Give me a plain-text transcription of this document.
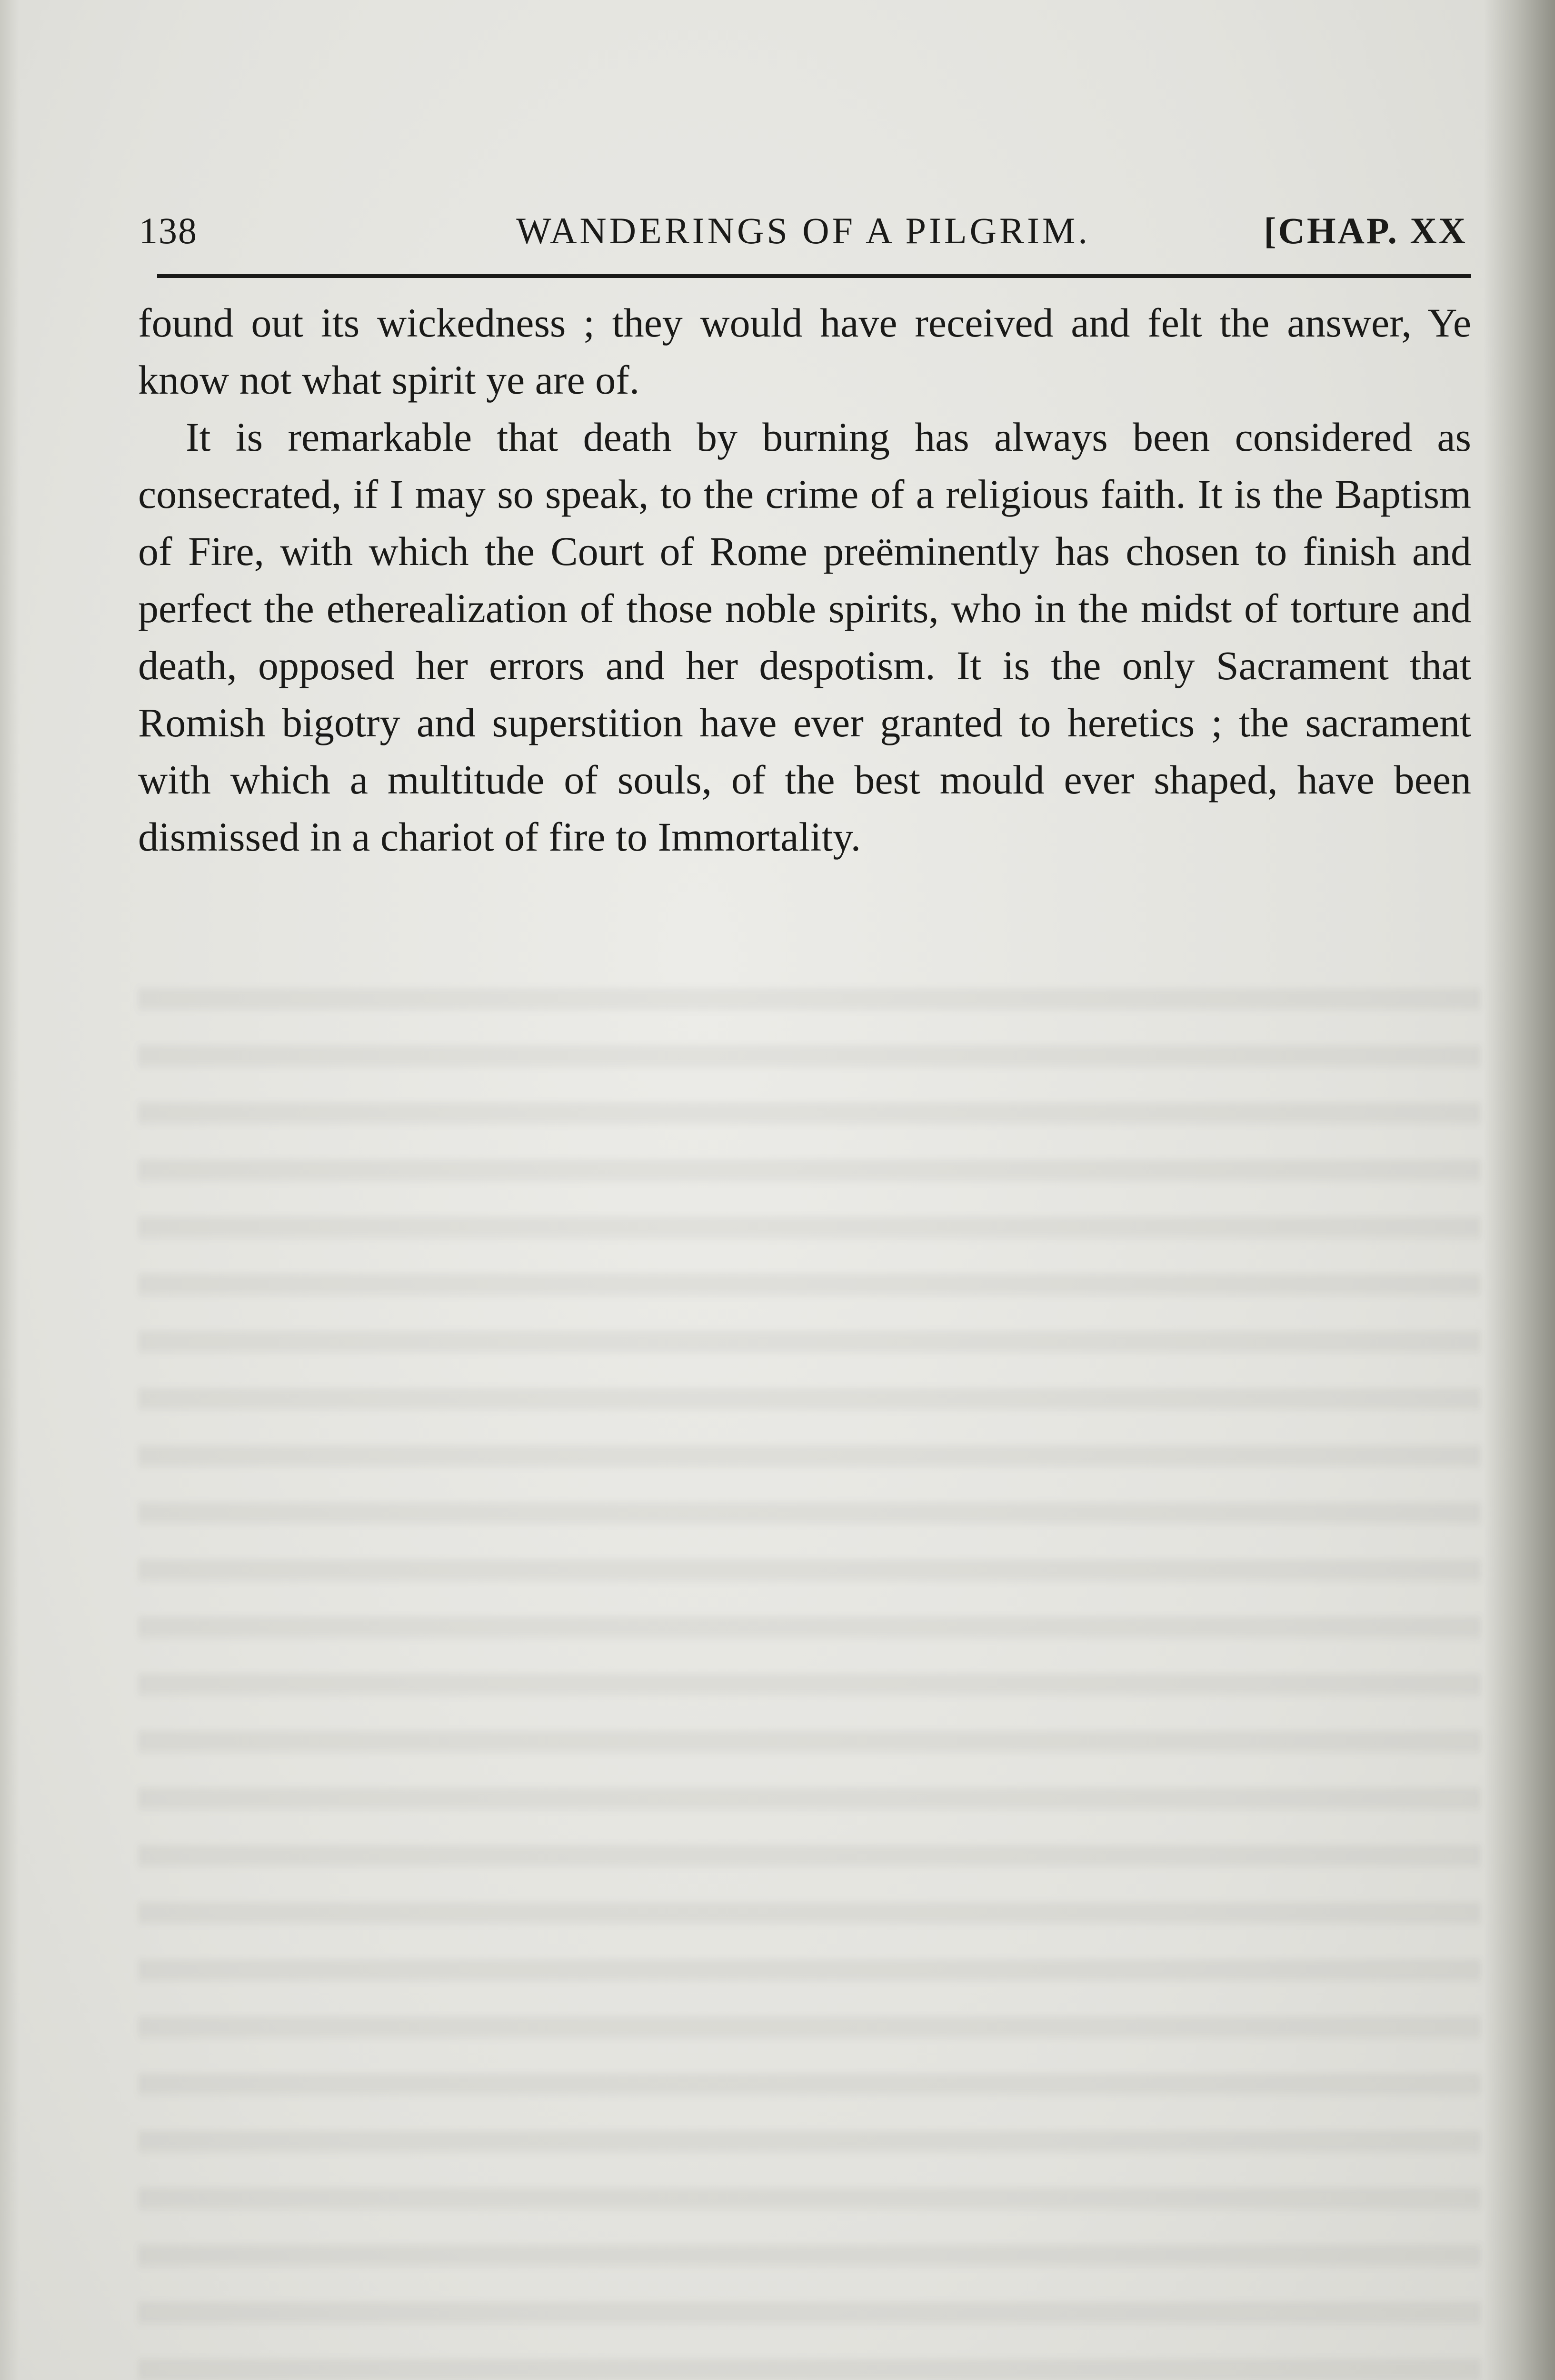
138	WANDERINGS OF A PILGRIM.	[CHAP. XX

found out its wickedness ; they would have received and felt the answer, Ye know not what spirit ye are of.

It is remarkable that death by burning has always been considered as consecrated, if I may so speak, to the crime of a religious faith. It is the Baptism of Fire, with which the Court of Rome preëminently has chosen to finish and perfect the etherealization of those noble spirits, who in the midst of torture and death, opposed her errors and her despotism. It is the only Sacrament that Romish bigotry and superstition have ever granted to heretics ; the sacrament with which a multitude of souls, of the best mould ever shaped, have been dismissed in a chariot of fire to Immortality.
